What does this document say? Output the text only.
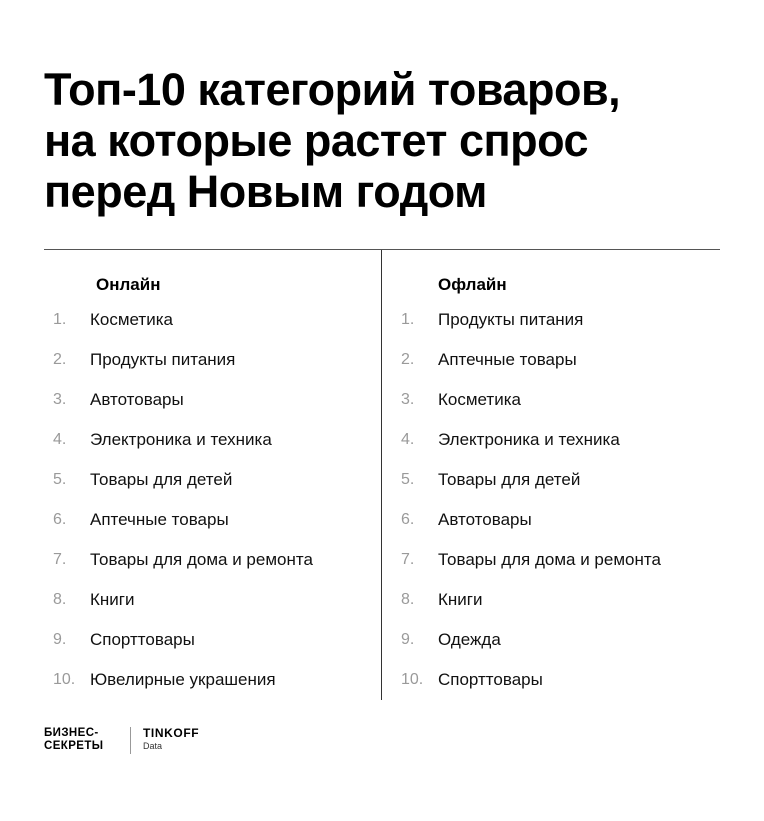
Топ-10 категорий товаров,
на которые растет спрос
перед Новым годом
Онлайн
1. Косметика
2. Продукты питания
3. Автотовары
4. Электроника и техника
5. Товары для детей
6. Аптечные товары
7. Товары для дома и ремонта
8. Книги
9. Спорттовары
10. Ювелирные украшения
Офлайн
1. Продукты питания
2. Аптечные товары
3. Косметика
4. Электроника и техника
5. Товары для детей
6. Автотовары
7. Товары для дома и ремонта
8. Книги
9. Одежда
10. Спорттовары
БИЗНЕС-
СЕКРЕТЫ
TINKOFF
Data
